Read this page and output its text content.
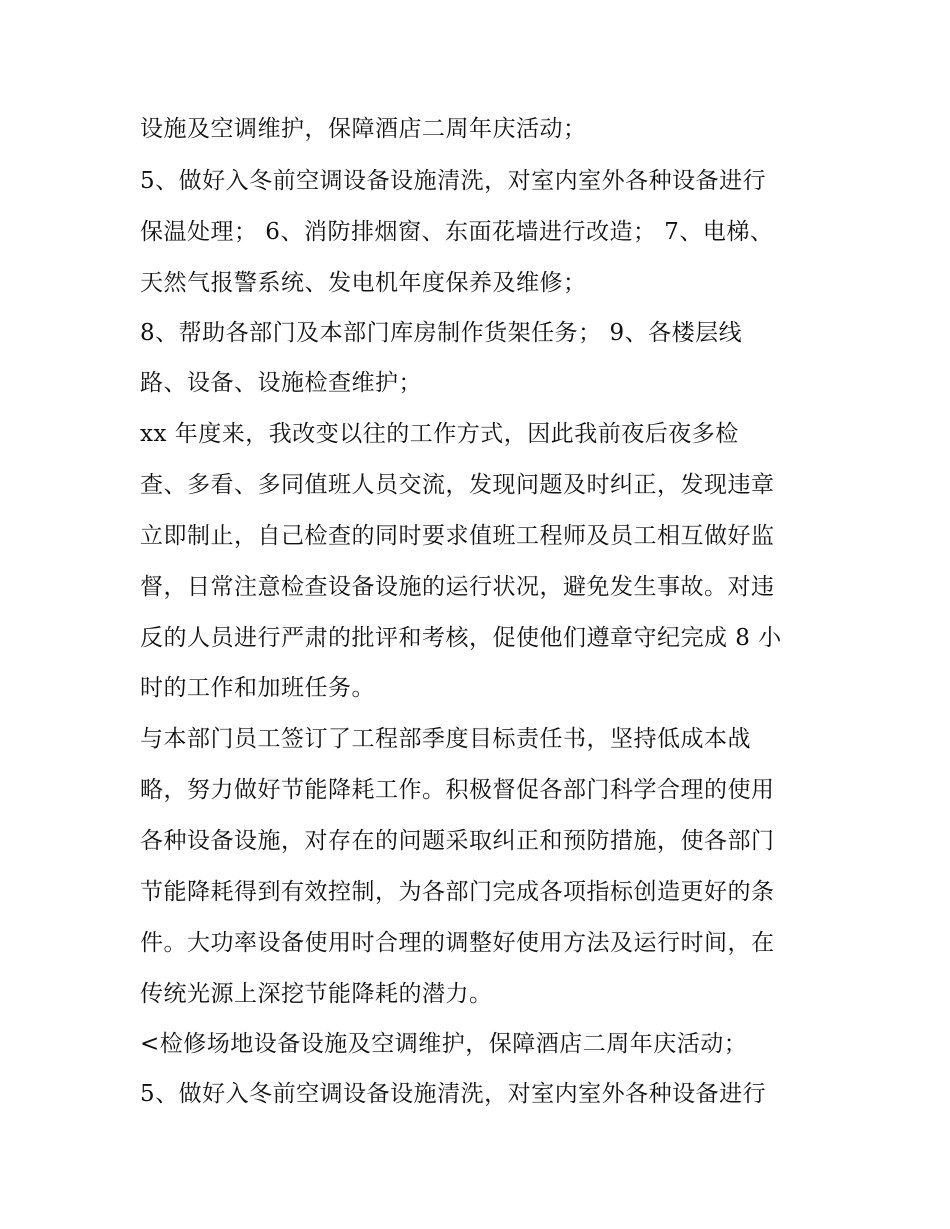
设施及空调维护，保障酒店二周年庆活动；
5、做好入冬前空调设备设施清洗，对室内室外各种设备进行
保温处理； 6、消防排烟窗、东面花墙进行改造； 7、电梯、
天然气报警系统、发电机年度保养及维修；
8、帮助各部门及本部门库房制作货架任务； 9、各楼层线
路、设备、设施检查维护；
xx 年度来，我改变以往的工作方式，因此我前夜后夜多检
查、多看、多同值班人员交流，发现问题及时纠正，发现违章
立即制止，自己检查的同时要求值班工程师及员工相互做好监
督，日常注意检查设备设施的运行状况，避免发生事故。对违
反的人员进行严肃的批评和考核，促使他们遵章守纪完成 8 小
时的工作和加班任务。
与本部门员工签订了工程部季度目标责任书，坚持低成本战
略，努力做好节能降耗工作。积极督促各部门科学合理的使用
各种设备设施，对存在的问题采取纠正和预防措施，使各部门
节能降耗得到有效控制，为各部门完成各项指标创造更好的条
件。大功率设备使用时合理的调整好使用方法及运行时间，在
传统光源上深挖节能降耗的潜力。
<检修场地设备设施及空调维护，保障酒店二周年庆活动；
5、做好入冬前空调设备设施清洗，对室内室外各种设备进行
